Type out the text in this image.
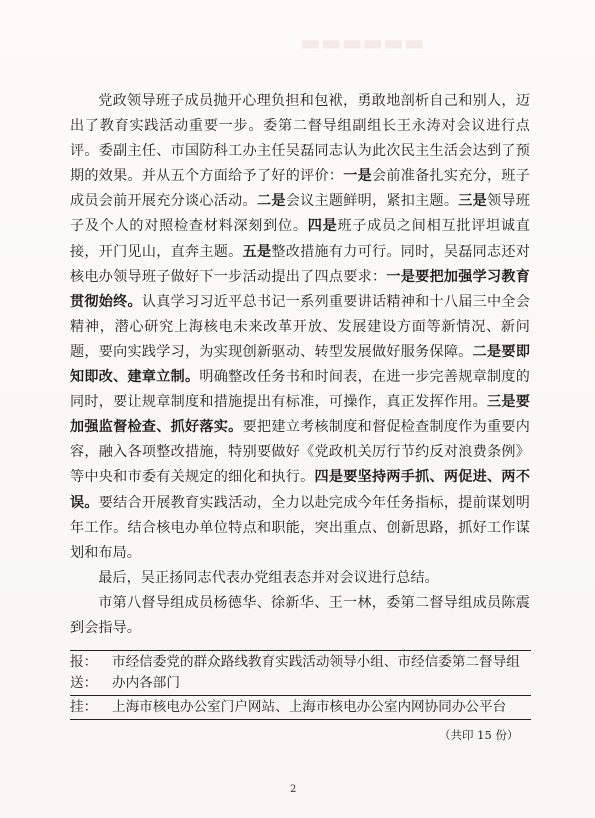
▬▬▬▬▬▬

党政领导班子成员抛开心理负担和包袱，勇敢地剖析自己和别人，迈出了教育实践活动重要一步。委第二督导组副组长王永涛对会议进行点评。委副主任、市国防科工办主任吴磊同志认为此次民主生活会达到了预期的效果。并从五个方面给予了好的评价：一是会前准备扎实充分，班子成员会前开展充分谈心活动。二是会议主题鲜明，紧扣主题。三是领导班子及个人的对照检查材料深刻到位。四是班子成员之间相互批评坦诚直接，开门见山，直奔主题。五是整改措施有力可行。同时，吴磊同志还对核电办领导班子做好下一步活动提出了四点要求：一是要把加强学习教育贯彻始终。认真学习习近平总书记一系列重要讲话精神和十八届三中全会精神，潜心研究上海核电未来改革开放、发展建设方面等新情况、新问题，要向实践学习，为实现创新驱动、转型发展做好服务保障。二是要即知即改、建章立制。明确整改任务书和时间表，在进一步完善规章制度的同时，要让规章制度和措施提出有标准，可操作，真正发挥作用。三是要加强监督检查、抓好落实。要把建立考核制度和督促检查制度作为重要内容，融入各项整改措施，特别要做好《党政机关厉行节约反对浪费条例》等中央和市委有关规定的细化和执行。四是要坚持两手抓、两促进、两不误。要结合开展教育实践活动，全力以赴完成今年任务指标，提前谋划明年工作。结合核电办单位特点和职能，突出重点、创新思路，抓好工作谋划和布局。

最后，吴正扬同志代表办党组表态并对会议进行总结。

市第八督导组成员杨德华、徐新华、王一林，委第二督导组成员陈震到会指导。

报： 市经信委党的群众路线教育实践活动领导小组、市经信委第二督导组
送： 办内各部门
挂： 上海市核电办公室门户网站、上海市核电办公室内网协同办公平台
（共印 15 份）
2
